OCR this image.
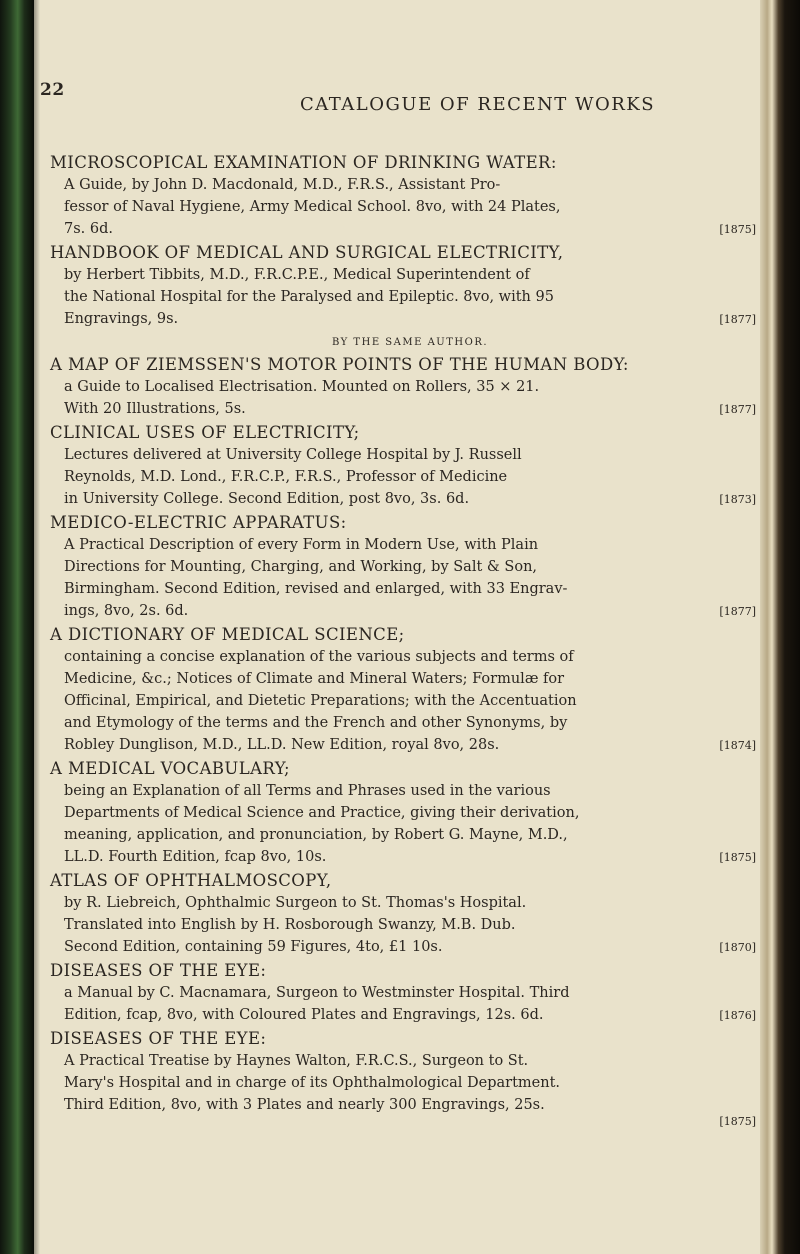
22
CATALOGUE OF RECENT WORKS
MICROSCOPICAL EXAMINATION OF DRINKING WATER:
A Guide, by John D. Macdonald, M.D., F.R.S., Assistant Pro-
fessor of Naval Hygiene, Army Medical School. 8vo, with 24 Plates,
7s. 6d.	[1875]
HANDBOOK OF MEDICAL AND SURGICAL ELECTRICITY,
by Herbert Tibbits, M.D., F.R.C.P.E., Medical Superintendent of
the National Hospital for the Paralysed and Epileptic. 8vo, with 95
Engravings, 9s.	[1877]
BY THE SAME AUTHOR.
A MAP OF ZIEMSSEN'S MOTOR POINTS OF THE HUMAN BODY:
a Guide to Localised Electrisation. Mounted on Rollers, 35 × 21.
With 20 Illustrations, 5s.	[1877]
CLINICAL USES OF ELECTRICITY;
Lectures delivered at University College Hospital by J. Russell
Reynolds, M.D. Lond., F.R.C.P., F.R.S., Professor of Medicine
in University College. Second Edition, post 8vo, 3s. 6d.	[1873]
MEDICO-ELECTRIC APPARATUS:
A Practical Description of every Form in Modern Use, with Plain
Directions for Mounting, Charging, and Working, by Salt & Son,
Birmingham. Second Edition, revised and enlarged, with 33 Engrav-
ings, 8vo, 2s. 6d.	[1877]
A DICTIONARY OF MEDICAL SCIENCE;
containing a concise explanation of the various subjects and terms of
Medicine, &c.; Notices of Climate and Mineral Waters; Formulæ for
Officinal, Empirical, and Dietetic Preparations; with the Accentuation
and Etymology of the terms and the French and other Synonyms, by
Robley Dunglison, M.D., LL.D. New Edition, royal 8vo, 28s.	[1874]
A MEDICAL VOCABULARY;
being an Explanation of all Terms and Phrases used in the various
Departments of Medical Science and Practice, giving their derivation,
meaning, application, and pronunciation, by Robert G. Mayne, M.D.,
LL.D. Fourth Edition, fcap 8vo, 10s.	[1875]
ATLAS OF OPHTHALMOSCOPY,
by R. Liebreich, Ophthalmic Surgeon to St. Thomas's Hospital.
Translated into English by H. Rosborough Swanzy, M.B. Dub.
Second Edition, containing 59 Figures, 4to, £1 10s.	[1870]
DISEASES OF THE EYE:
a Manual by C. Macnamara, Surgeon to Westminster Hospital. Third
Edition, fcap, 8vo, with Coloured Plates and Engravings, 12s. 6d.	[1876]
DISEASES OF THE EYE:
A Practical Treatise by Haynes Walton, F.R.C.S., Surgeon to St.
Mary's Hospital and in charge of its Ophthalmological Department.
Third Edition, 8vo, with 3 Plates and nearly 300 Engravings, 25s.
[1875]
